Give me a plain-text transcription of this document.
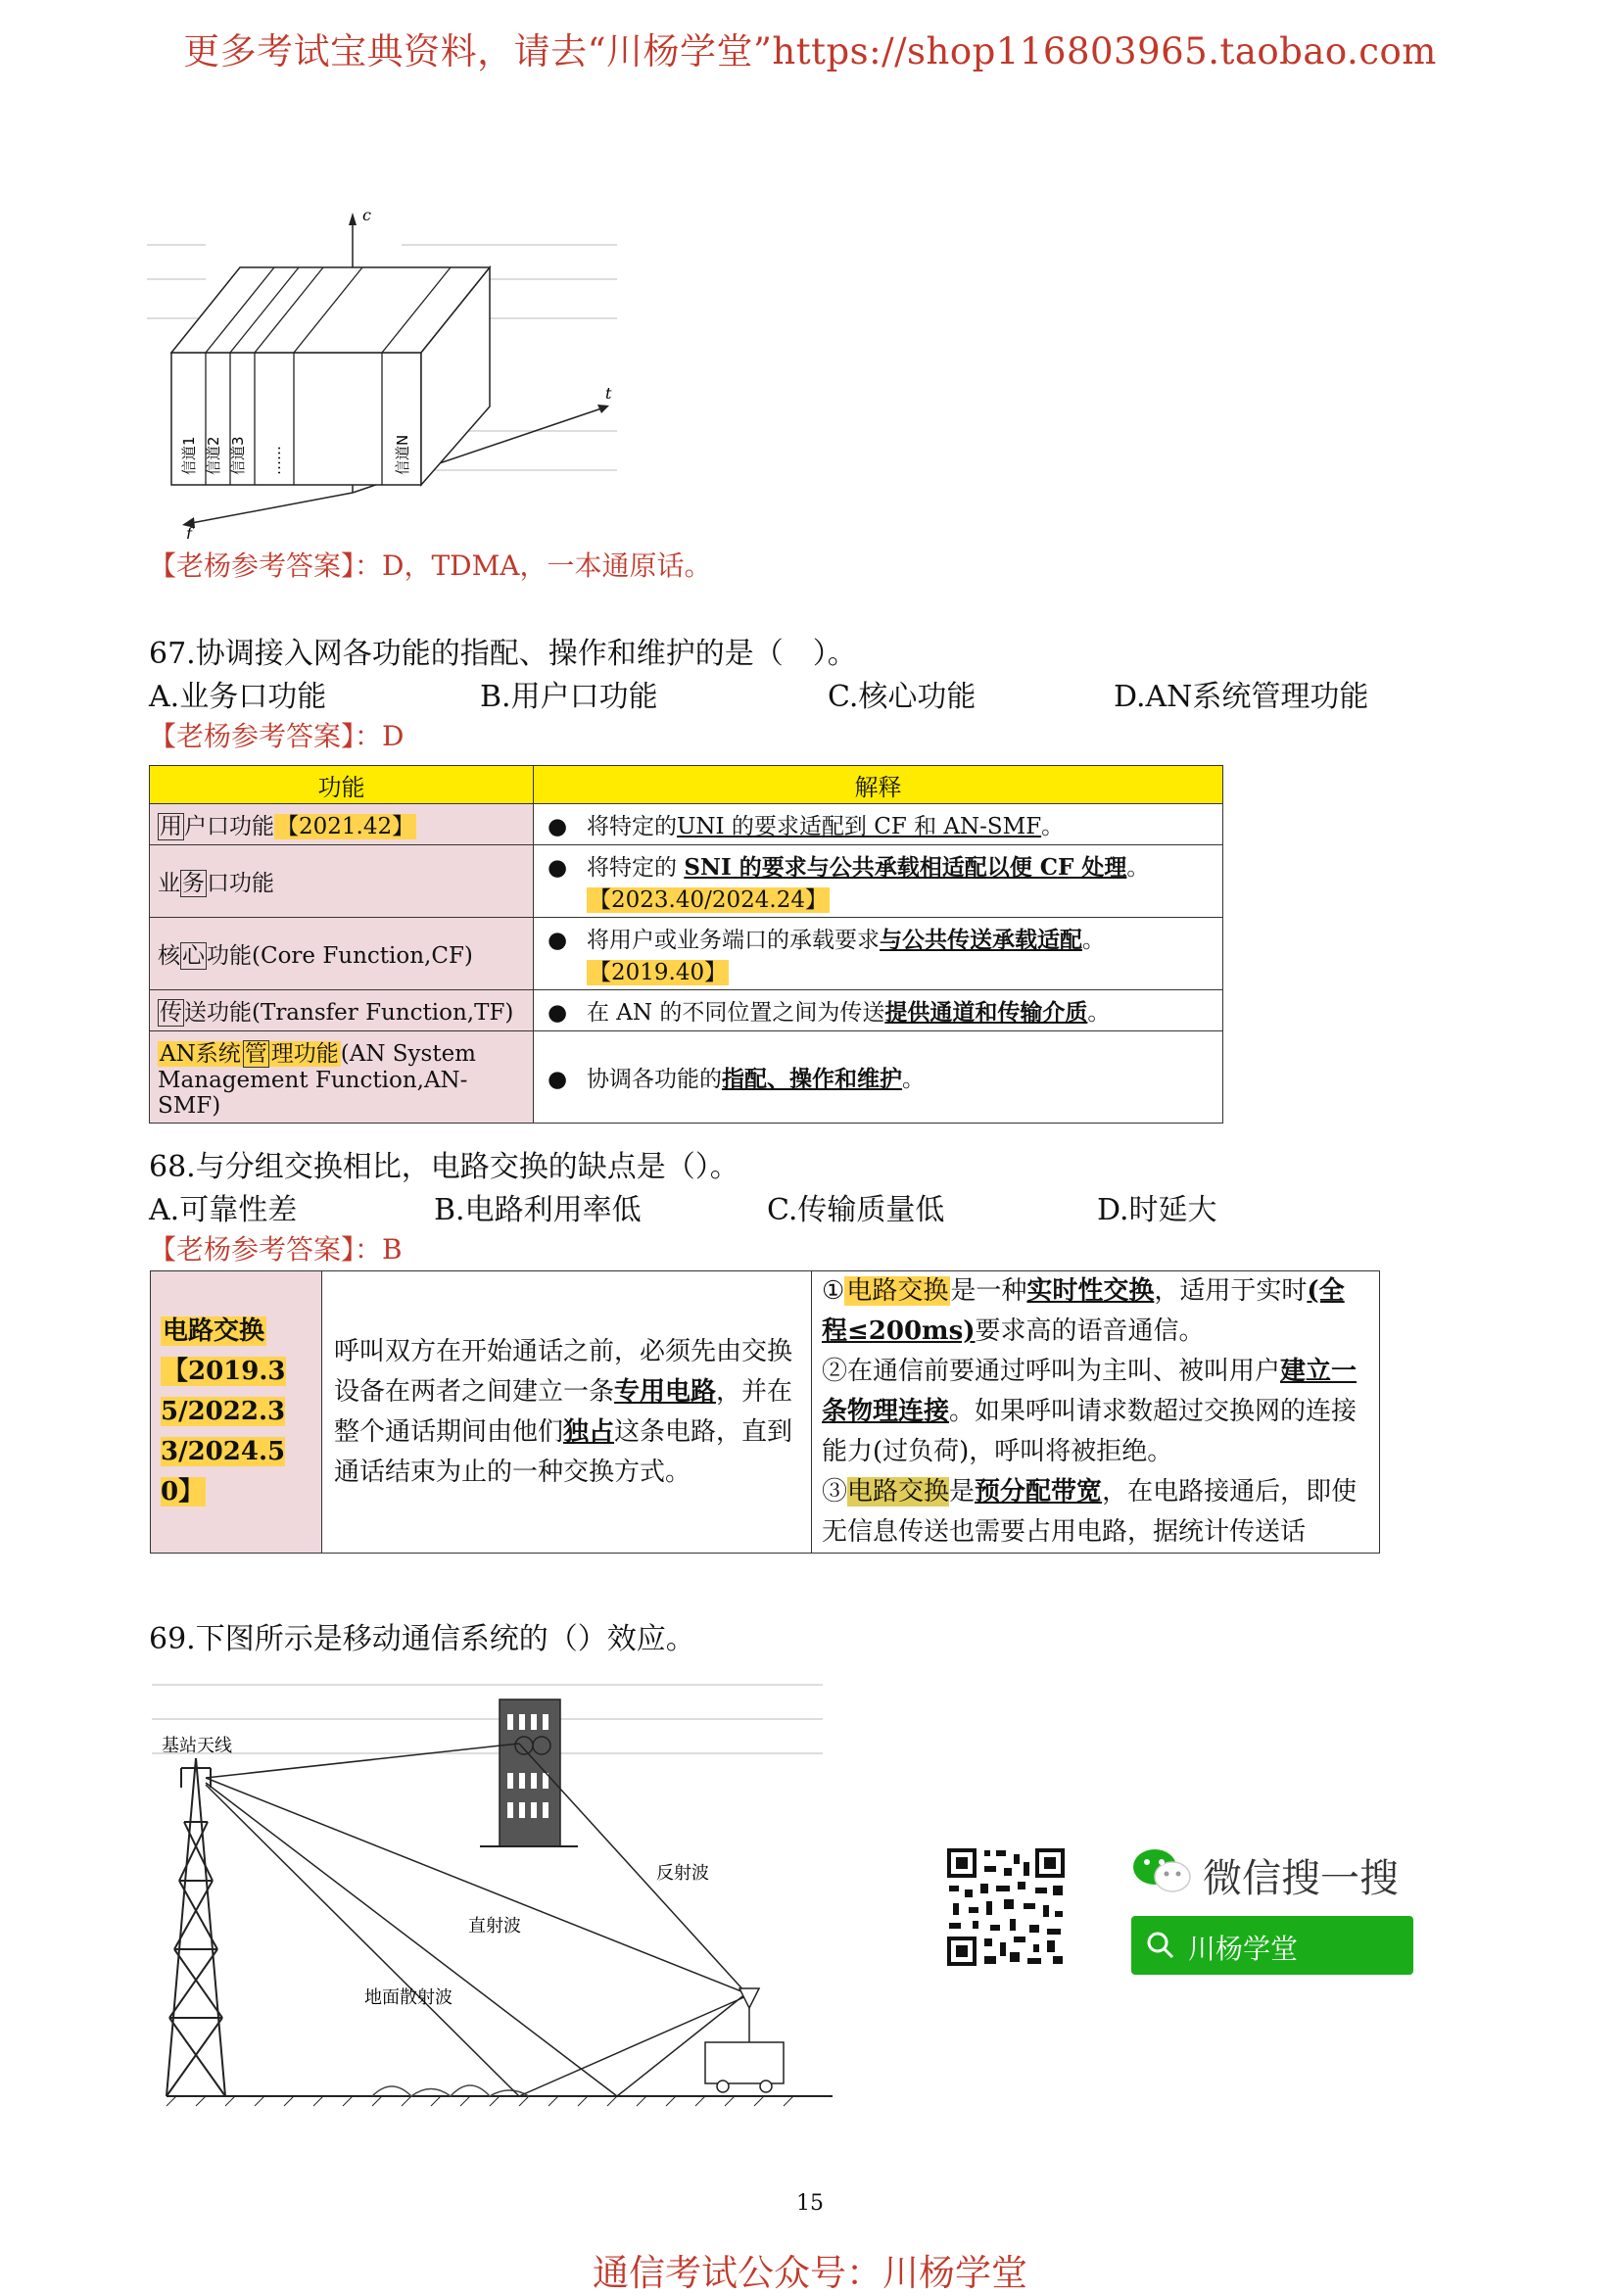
更多考试宝典资料，请去“川杨学堂”https://shop116803965.taobao.com
c
t
f
信道1 信道2 信道3 ……	信道N
【老杨参考答案】：D，TDMA，一本通原话。
67.协调接入网各功能的指配、操作和维护的是（　）。
A.业务口功能	B.用户口功能	C.核心功能	D.AN系统管理功能
【老杨参考答案】：D
功能	解释
用户口功能【2021.42】	● 将特定的UNI 的要求适配到 CF 和 AN-SMF。
业务口功能	● 将特定的 SNI 的要求与公共承载相适配以便 CF 处理。
【2023.40/2024.24】
核心功能(Core Function,CF)	● 将用户或业务端口的承载要求与公共传送承载适配。
【2019.40】
传送功能(Transfer Function,TF)	● 在 AN 的不同位置之间为传送提供通道和传输介质。
AN系统 管 理功能(AN System Management Function,AN-SMF)	● 协调各功能的指配、操作和维护。
68.与分组交换相比，电路交换的缺点是（）。
A.可靠性差	B.电路利用率低	C.传输质量低	D.时延大
【老杨参考答案】：B
电路交换
【2019.35/2022.33/2024.50】	呼叫双方在开始通话之前，必须先由交换设备在两者之间建立一条专用电路，并在整个通话期间由他们独占这条电路，直到通话结束为止的一种交换方式。	①电路交换是一种实时性交换，适用于实时(全程≤200ms)要求高的语音通信。
②在通信前要通过呼叫为主叫、被叫用户建立一条物理连接。如果呼叫请求数超过交换网的连接能力(过负荷)，呼叫将被拒绝。
③电路交换是预分配带宽，在电路接通后，即使无信息传送也需要占用电路，据统计传送话
69.下图所示是移动通信系统的（）效应。
基站天线
反射波
直射波
地面散射波
微信搜一搜
川杨学堂
15
通信考试公众号：川杨学堂
